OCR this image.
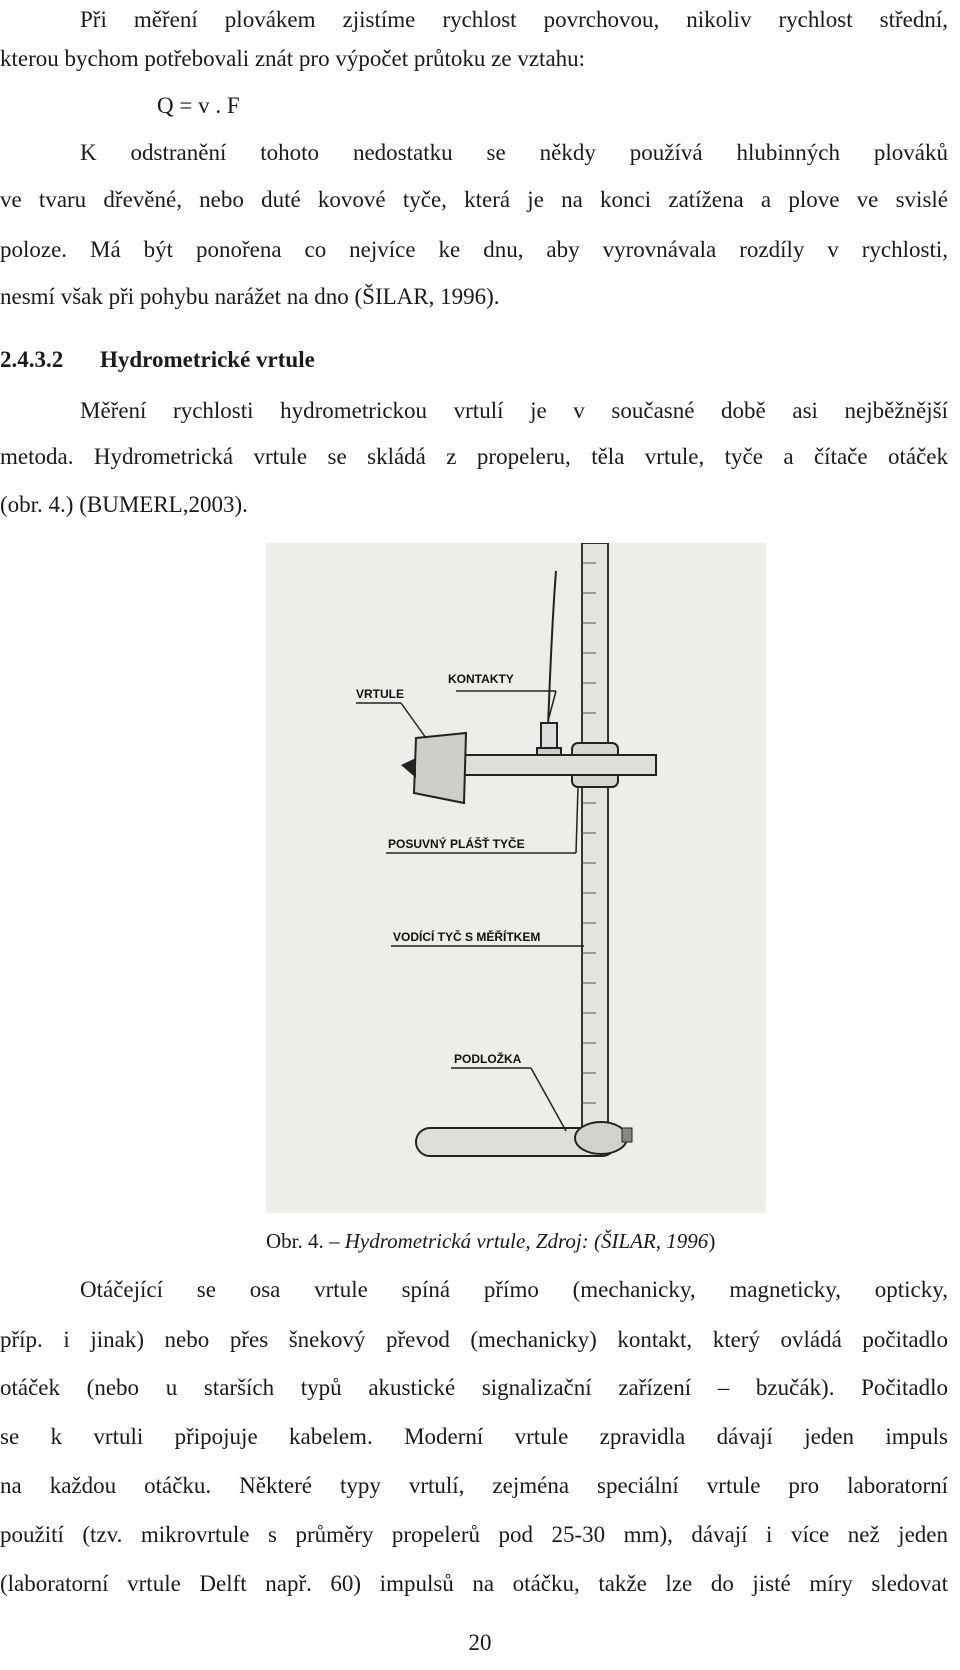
Při měření plovákem zjistíme rychlost povrchovou, nikoliv rychlost střední,

kterou bychom potřebovali znát pro výpočet průtoku ze vztahu:

Q = v . F

K odstranění tohoto nedostatku se někdy používá hlubinných plováků

ve tvaru dřevěné, nebo duté kovové tyče, která je na konci zatížena a plove ve svislé

poloze. Má být ponořena co nejvíce ke dnu, aby vyrovnávala rozdíly v rychlosti,

nesmí však při pohybu narážet na dno (ŠILAR, 1996).

2.4.3.2 Hydrometrické vrtule

Měření rychlosti hydrometrickou vrtulí je v současné době asi nejběžnější

metoda. Hydrometrická vrtule se skládá z propeleru, těla vrtule, tyče a čítače otáček

(obr. 4.) (BUMERL,2003).

KONTAKTY
VRTULE
POSUVNÝ PLÁŠŤ TYČE
VODÍCÍ TYČ S MĚŘÍTKEM
PODLOŽKA
Obr. 4. – Hydrometrická vrtule, Zdroj: (ŠILAR, 1996)

Otáčející se osa vrtule spíná přímo (mechanicky, magneticky, opticky,

příp. i jinak) nebo přes šnekový převod (mechanicky) kontakt, který ovládá počitadlo

otáček (nebo u starších typů akustické signalizační zařízení – bzučák). Počitadlo

se k vrtuli připojuje kabelem. Moderní vrtule zpravidla dávají jeden impuls

na každou otáčku. Některé typy vrtulí, zejména speciální vrtule pro laboratorní

použití (tzv. mikrovrtule s průměry propelerů pod 25-30 mm), dávají i více než jeden

(laboratorní vrtule Delft např. 60) impulsů na otáčku, takže lze do jisté míry sledovat

20
